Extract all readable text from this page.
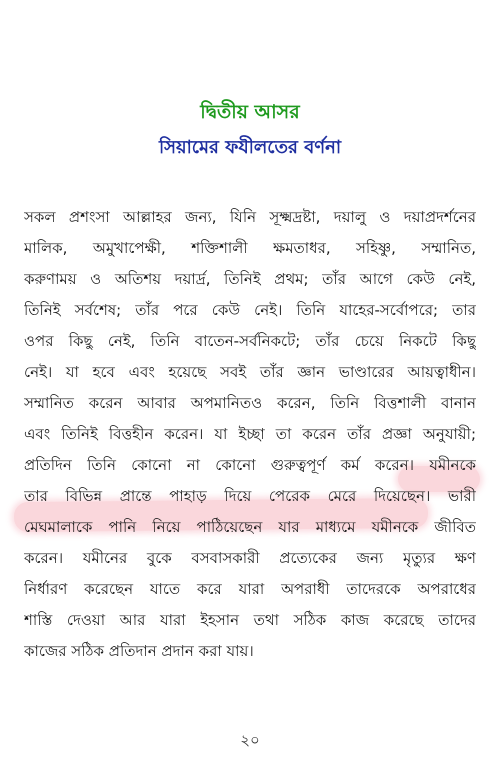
দ্বিতীয় আসর
সিয়ামের ফযীলতের বর্ণনা
সকল প্রশংসা আল্লাহর জন্য, যিনি সূক্ষ্মদ্রষ্টা, দয়ালু ও দয়াপ্রদর্শনের
মালিক, অমুখাপেক্ষী, শক্তিশালী ক্ষমতাধর, সহিষ্ণু, সম্মানিত,
করুণাময় ও অতিশয় দয়ার্দ্র, তিনিই প্রথম; তাঁর আগে কেউ নেই,
তিনিই সর্বশেষ; তাঁর পরে কেউ নেই। তিনি যাহের-সর্বোপরে; তার
ওপর কিছু নেই, তিনি বাতেন-সর্বনিকটে; তাঁর চেয়ে নিকটে কিছু
নেই। যা হবে এবং হয়েছে সবই তাঁর জ্ঞান ভাণ্ডারের আয়ত্বাধীন।
সম্মানিত করেন আবার অপমানিতও করেন, তিনি বিত্তশালী বানান
এবং তিনিই বিত্তহীন করেন। যা ইচ্ছা তা করেন তাঁর প্রজ্ঞা অনুযায়ী;
প্রতিদিন তিনি কোনো না কোনো গুরুত্বপূর্ণ কর্ম করেন। যমীনকে
তার বিভিন্ন প্রান্তে পাহাড় দিয়ে পেরেক মেরে দিয়েছেন। ভারী
মেঘমালাকে পানি নিয়ে পাঠিয়েছেন যার মাধ্যমে যমীনকে জীবিত
করেন। যমীনের বুকে বসবাসকারী প্রত্যেকের জন্য মৃত্যুর ক্ষণ
নির্ধারণ করেছেন যাতে করে যারা অপরাধী তাদেরকে অপরাধের
শাস্তি দেওয়া আর যারা ইহসান তথা সঠিক কাজ করেছে তাদের
কাজের সঠিক প্রতিদান প্রদান করা যায়।
২০
